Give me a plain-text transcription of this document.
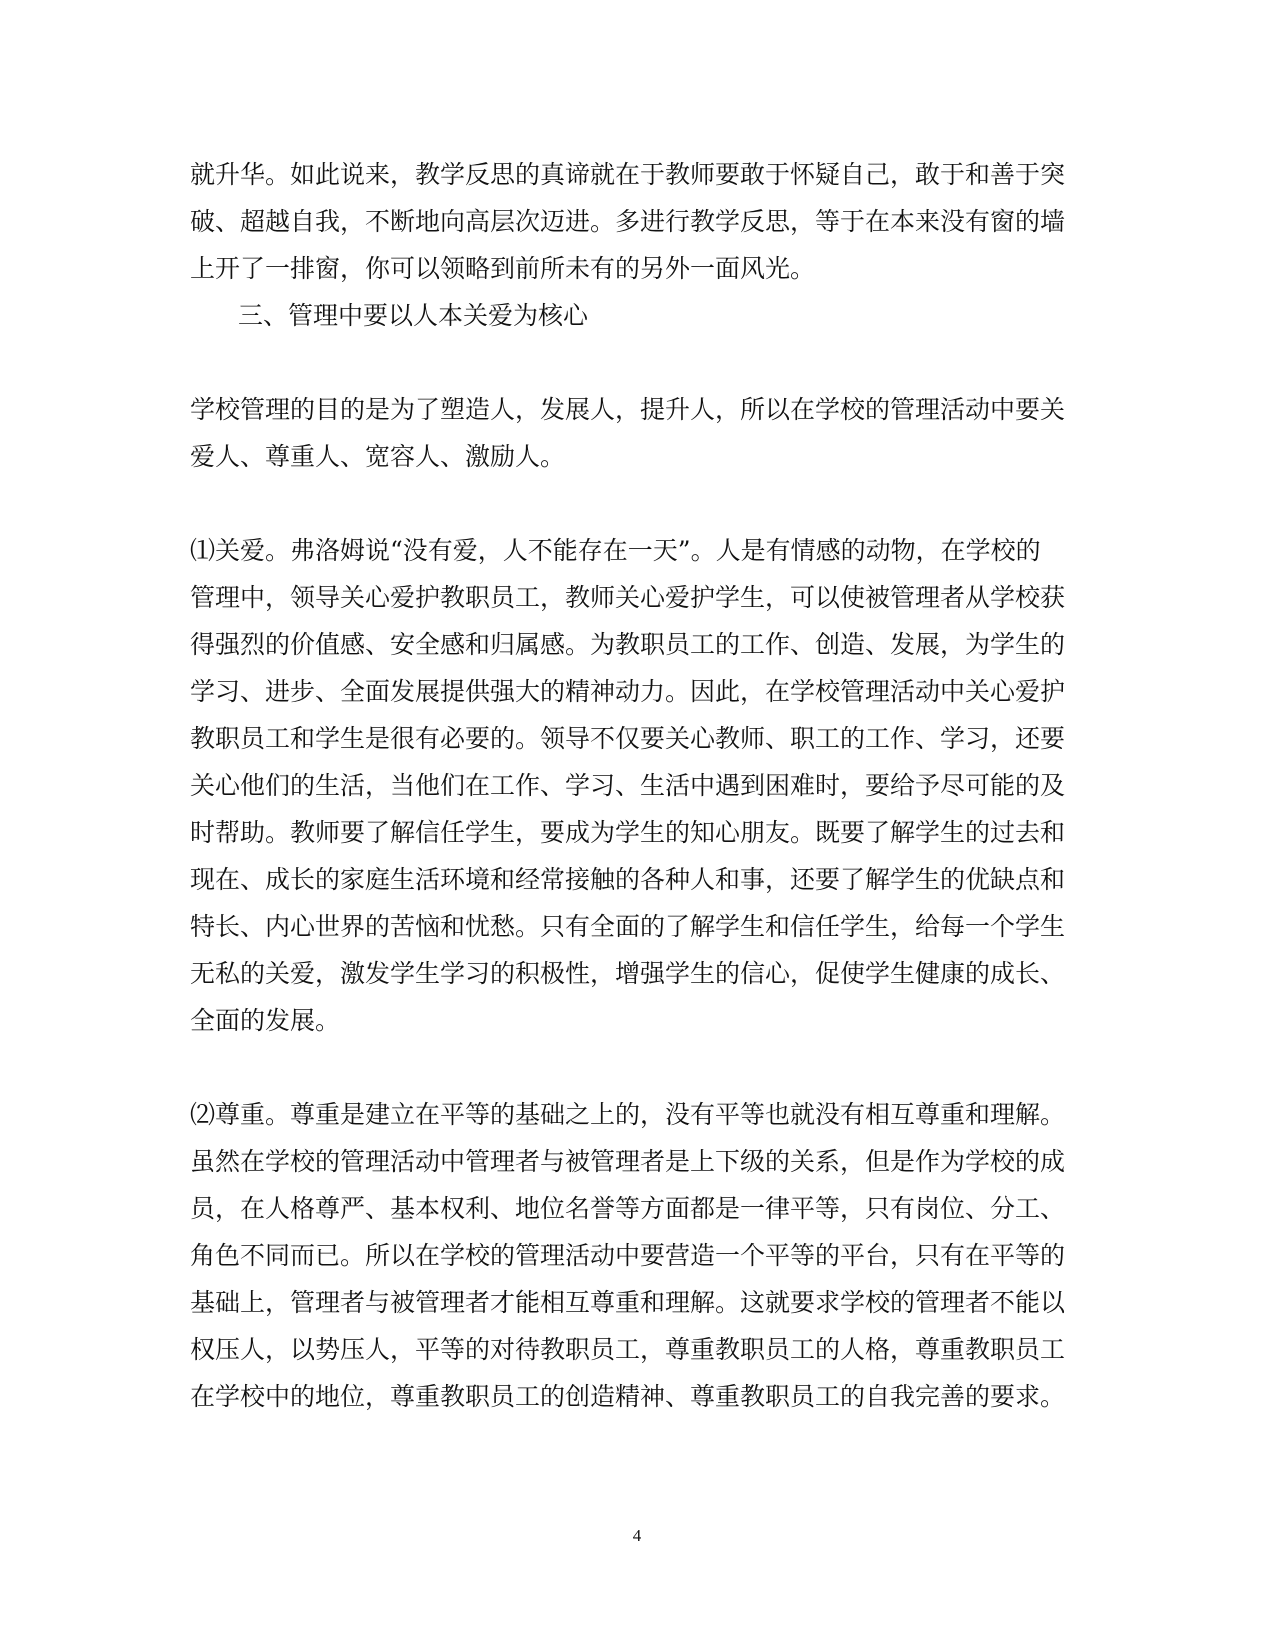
就升华。如此说来，教学反思的真谛就在于教师要敢于怀疑自己，敢于和善于突
破、超越自我，不断地向高层次迈进。多进行教学反思，等于在本来没有窗的墙
上开了一排窗，你可以领略到前所未有的另外一面风光。
三、管理中要以人本关爱为核心
学校管理的目的是为了塑造人，发展人，提升人，所以在学校的管理活动中要关
爱人、尊重人、宽容人、激励人。
⑴关爱。弗洛姆说“没有爱，人不能存在一天”。人是有情感的动物，在学校的
管理中，领导关心爱护教职员工，教师关心爱护学生，可以使被管理者从学校获
得强烈的价值感、安全感和归属感。为教职员工的工作、创造、发展，为学生的
学习、进步、全面发展提供强大的精神动力。因此，在学校管理活动中关心爱护
教职员工和学生是很有必要的。领导不仅要关心教师、职工的工作、学习，还要
关心他们的生活，当他们在工作、学习、生活中遇到困难时，要给予尽可能的及
时帮助。教师要了解信任学生，要成为学生的知心朋友。既要了解学生的过去和
现在、成长的家庭生活环境和经常接触的各种人和事，还要了解学生的优缺点和
特长、内心世界的苦恼和忧愁。只有全面的了解学生和信任学生，给每一个学生
无私的关爱，激发学生学习的积极性，增强学生的信心，促使学生健康的成长、
全面的发展。
⑵尊重。尊重是建立在平等的基础之上的，没有平等也就没有相互尊重和理解。
虽然在学校的管理活动中管理者与被管理者是上下级的关系，但是作为学校的成
员，在人格尊严、基本权利、地位名誉等方面都是一律平等，只有岗位、分工、
角色不同而已。所以在学校的管理活动中要营造一个平等的平台，只有在平等的
基础上，管理者与被管理者才能相互尊重和理解。这就要求学校的管理者不能以
权压人，以势压人，平等的对待教职员工，尊重教职员工的人格，尊重教职员工
在学校中的地位，尊重教职员工的创造精神、尊重教职员工的自我完善的要求。
4
